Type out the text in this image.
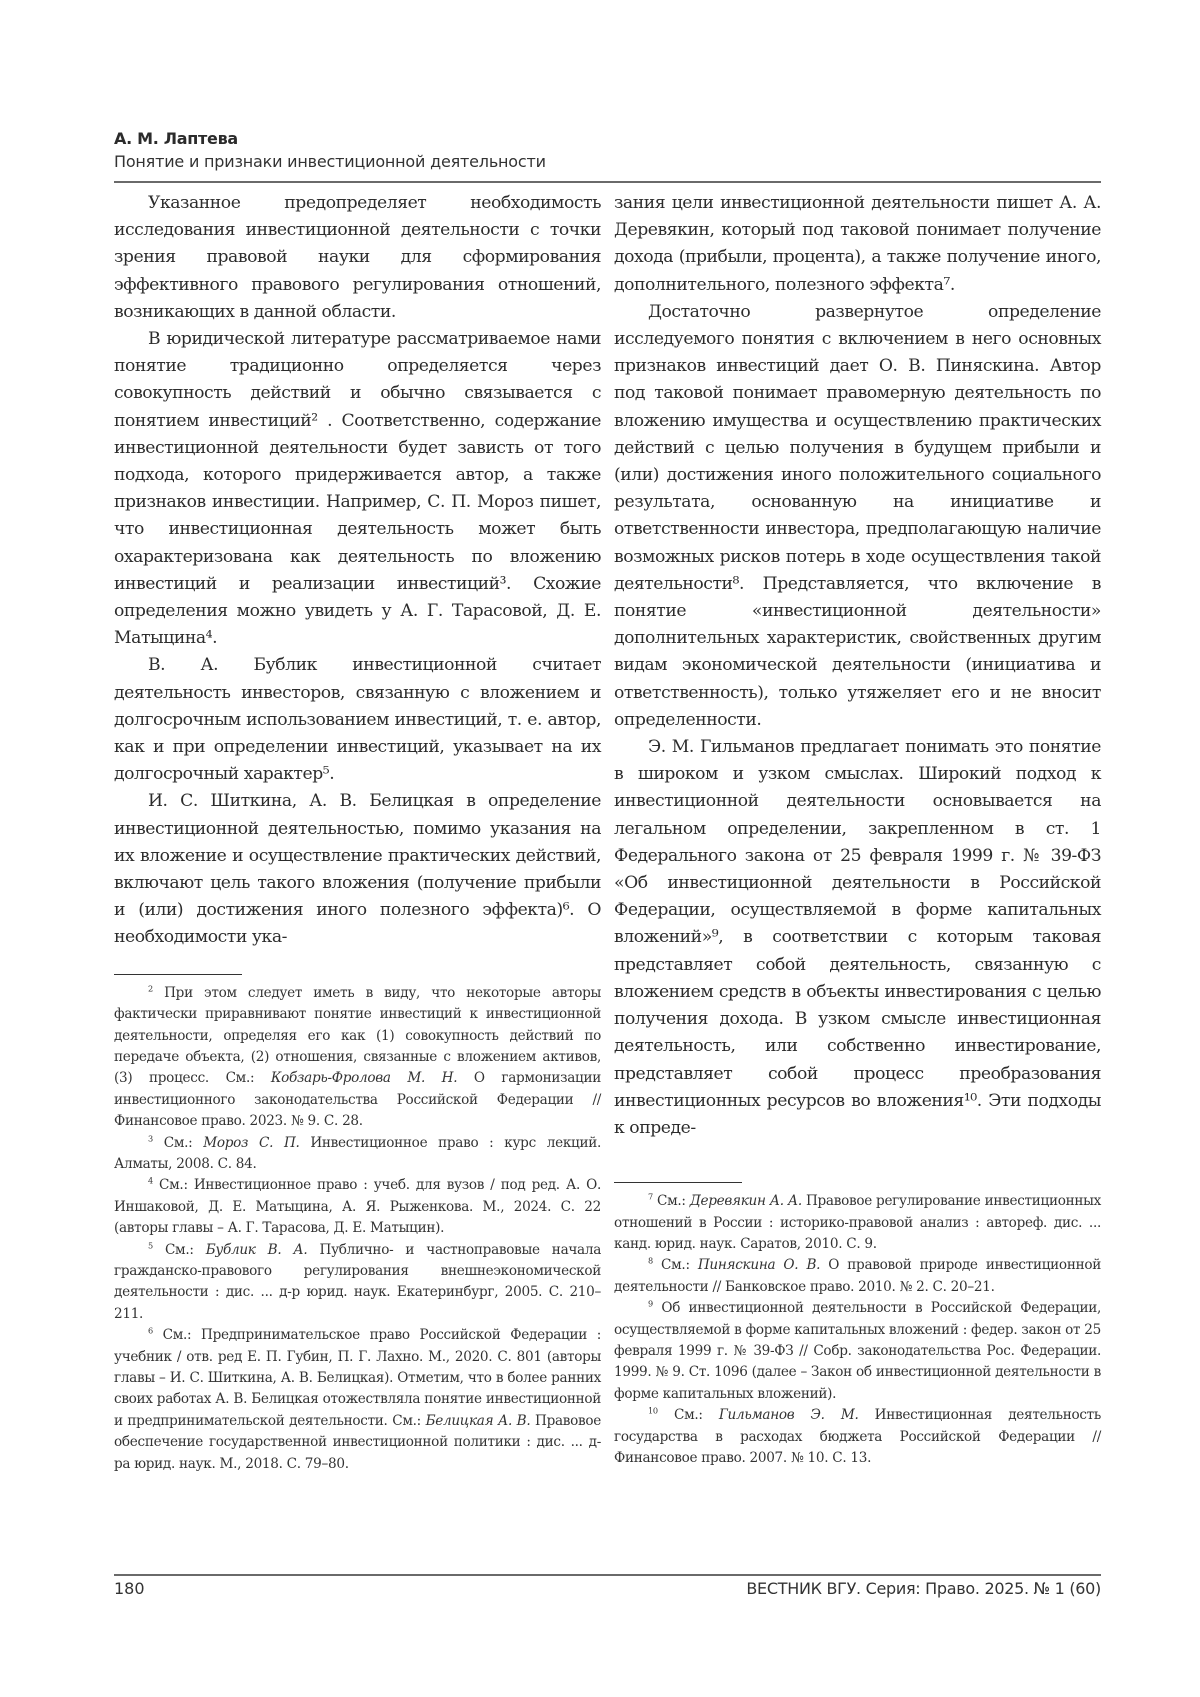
А. М. Лаптева
Понятие и признаки инвестиционной деятельности

Указанное предопределяет необходимость исследования инвестиционной деятельности с точки зрения правовой науки для сформирования эффективного правового регулирования отношений, возникающих в данной области.

В юридической литературе рассматриваемое нами понятие традиционно определяется через совокупность действий и обычно связывается с понятием инвестиций² . Соответственно, содержание инвестиционной деятельности будет зависть от того подхода, которого придерживается автор, а также признаков инвестиции. Например, С. П. Мороз пишет, что инвестиционная деятельность может быть охарактеризована как деятельность по вложению инвестиций и реализации инвестиций³. Схожие определения можно увидеть у А. Г. Тарасовой, Д. Е. Матыцина⁴.

В. А. Бублик инвестиционной считает деятельность инвесторов, связанную с вложением и долгосрочным использованием инвестиций, т. е. автор, как и при определении инвестиций, указывает на их долгосрочный характер⁵.

И. С. Шиткина, А. В. Белицкая в определение инвестиционной деятельностью, помимо указания на их вложение и осуществление практических действий, включают цель такого вложения (получение прибыли и (или) достижения иного полезного эффекта)⁶. О необходимости ука-

$^2$ При этом следует иметь в виду, что некоторые авторы фактически приравнивают понятие инвестиций к инвестиционной деятельности, определяя его как (1) совокупность действий по передаче объекта, (2) отношения, связанные с вложением активов, (3) процесс. См.: Кобзарь-Фролова М. Н. О гармонизации инвестиционного законодательства Российской Федерации // Финансовое право. 2023. № 9. С. 28.

$^3$ См.: Мороз С. П. Инвестиционное право : курс лекций. Алматы, 2008. С. 84.

$^4$ См.: Инвестиционное право : учеб. для вузов / под ред. А. О. Иншаковой, Д. Е. Матыцина, А. Я. Рыженкова. М., 2024. С. 22 (авторы главы – А. Г. Тарасова, Д. Е. Матыцин).

$^5$ См.: Бублик В. А. Публично- и частноправовые начала гражданско-правового регулирования внешнеэкономической деятельности : дис. ... д-р юрид. наук. Екатеринбург, 2005. С. 210–211.

$^6$ См.: Предпринимательское право Российской Федерации : учебник / отв. ред Е. П. Губин, П. Г. Лахно. М., 2020. С. 801 (авторы главы – И. С. Шиткина, А. В. Белицкая). Отметим, что в более ранних своих работах А. В. Белицкая отожествляла понятие инвестиционной и предпринимательской деятельности. См.: Белицкая А. В. Правовое обеспечение государственной инвестиционной политики : дис. ... д-ра юрид. наук. М., 2018. С. 79–80.

зания цели инвестиционной деятельности пишет А. А. Деревякин, который под таковой понимает получение дохода (прибыли, процента), а также получение иного, дополнительного, полезного эффекта⁷.

Достаточно развернутое определение исследуемого понятия с включением в него основных признаков инвестиций дает О. В. Пиняскина. Автор под таковой понимает правомерную деятельность по вложению имущества и осуществлению практических действий с целью получения в будущем прибыли и (или) достижения иного положительного социального результата, основанную на инициативе и ответственности инвестора, предполагающую наличие возможных рисков потерь в ходе осуществления такой деятельности⁸. Представляется, что включение в понятие «инвестиционной деятельности» дополнительных характеристик, свойственных другим видам экономической деятельности (инициатива и ответственность), только утяжеляет его и не вносит определенности.

Э. М. Гильманов предлагает понимать это понятие в широком и узком смыслах. Широкий подход к инвестиционной деятельности основывается на легальном определении, закрепленном в ст. 1 Федерального закона от 25 февраля 1999 г. № 39-ФЗ «Об инвестиционной деятельности в Российской Федерации, осуществляемой в форме капитальных вложений»⁹, в соответствии с которым таковая представляет собой деятельность, связанную с вложением средств в объекты инвестирования с целью получения дохода. В узком смысле инвестиционная деятельность, или собственно инвестирование, представляет собой процесс преобразования инвестиционных ресурсов во вложения¹⁰. Эти подходы к опреде-

$^7$ См.: Деревякин А. А. Правовое регулирование инвестиционных отношений в России : историко-правовой анализ : автореф. дис. ... канд. юрид. наук. Саратов, 2010. С. 9.

$^8$ См.: Пиняскина О. В. О правовой природе инвестиционной деятельности // Банковское право. 2010. № 2. С. 20–21.

$^9$ Об инвестиционной деятельности в Российской Федерации, осуществляемой в форме капитальных вложений : федер. закон от 25 февраля 1999 г. № 39-ФЗ // Собр. законодательства Рос. Федерации. 1999. № 9. Ст. 1096 (далее – Закон об инвестиционной деятельности в форме капитальных вложений).

$^{10}$ См.: Гильманов Э. М. Инвестиционная деятельность государства в расходах бюджета Российской Федерации // Финансовое право. 2007. № 10. С. 13.

180	ВЕСТНИК ВГУ. Серия: Право. 2025. № 1 (60)
